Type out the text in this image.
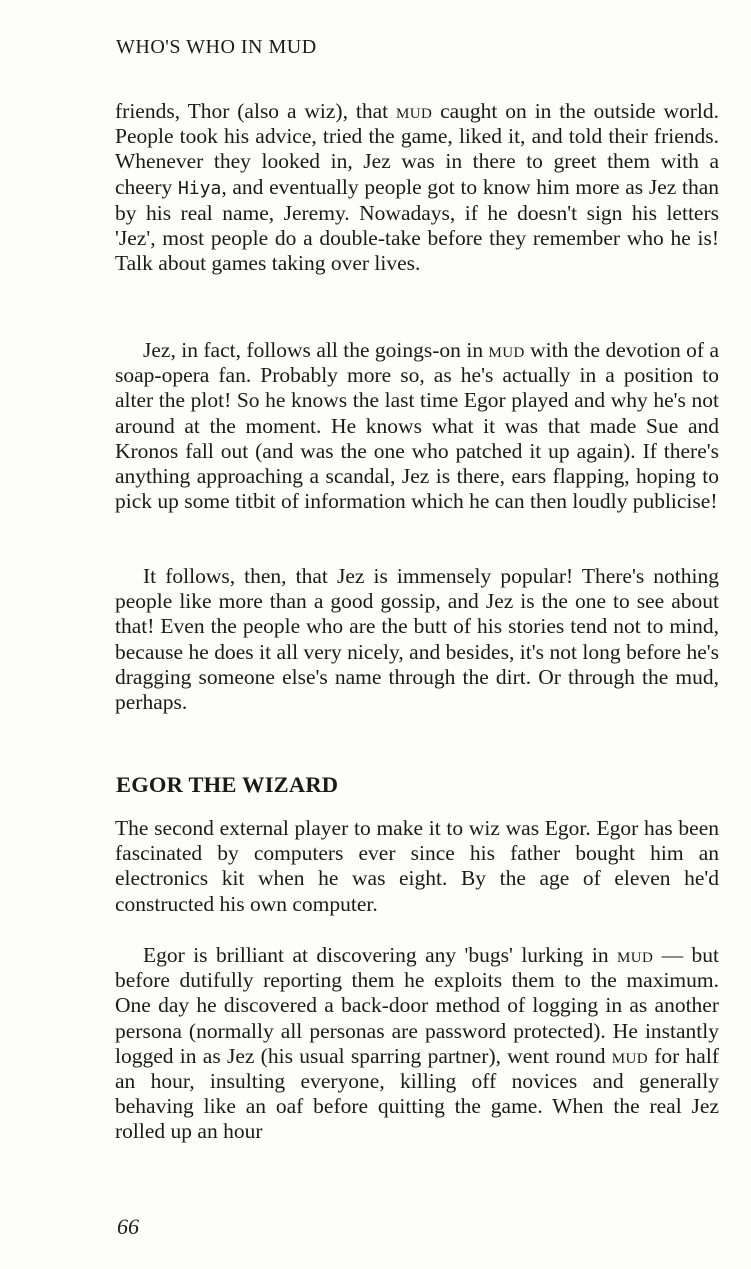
WHO'S WHO IN MUD

friends, Thor (also a wiz), that mud caught on in the outside world. People took his advice, tried the game, liked it, and told their friends. Whenever they looked in, Jez was in there to greet them with a cheery Hiya, and eventually people got to know him more as Jez than by his real name, Jeremy. Nowadays, if he doesn't sign his letters 'Jez', most people do a double-take before they remember who he is! Talk about games taking over lives.

Jez, in fact, follows all the goings-on in mud with the devotion of a soap-opera fan. Probably more so, as he's actually in a position to alter the plot! So he knows the last time Egor played and why he's not around at the moment. He knows what it was that made Sue and Kronos fall out (and was the one who patched it up again). If there's anything approaching a scandal, Jez is there, ears flapping, hoping to pick up some titbit of information which he can then loudly publicise!

It follows, then, that Jez is immensely popular! There's nothing people like more than a good gossip, and Jez is the one to see about that! Even the people who are the butt of his stories tend not to mind, because he does it all very nicely, and besides, it's not long before he's dragging someone else's name through the dirt. Or through the mud, perhaps.

EGOR THE WIZARD

The second external player to make it to wiz was Egor. Egor has been fascinated by computers ever since his father bought him an electronics kit when he was eight. By the age of eleven he'd constructed his own computer.

Egor is brilliant at discovering any 'bugs' lurking in mud — but before dutifully reporting them he exploits them to the maximum. One day he discovered a back-door method of logging in as another persona (normally all personas are password protected). He instantly logged in as Jez (his usual sparring partner), went round mud for half an hour, insulting everyone, killing off novices and generally behaving like an oaf before quitting the game. When the real Jez rolled up an hour

66
